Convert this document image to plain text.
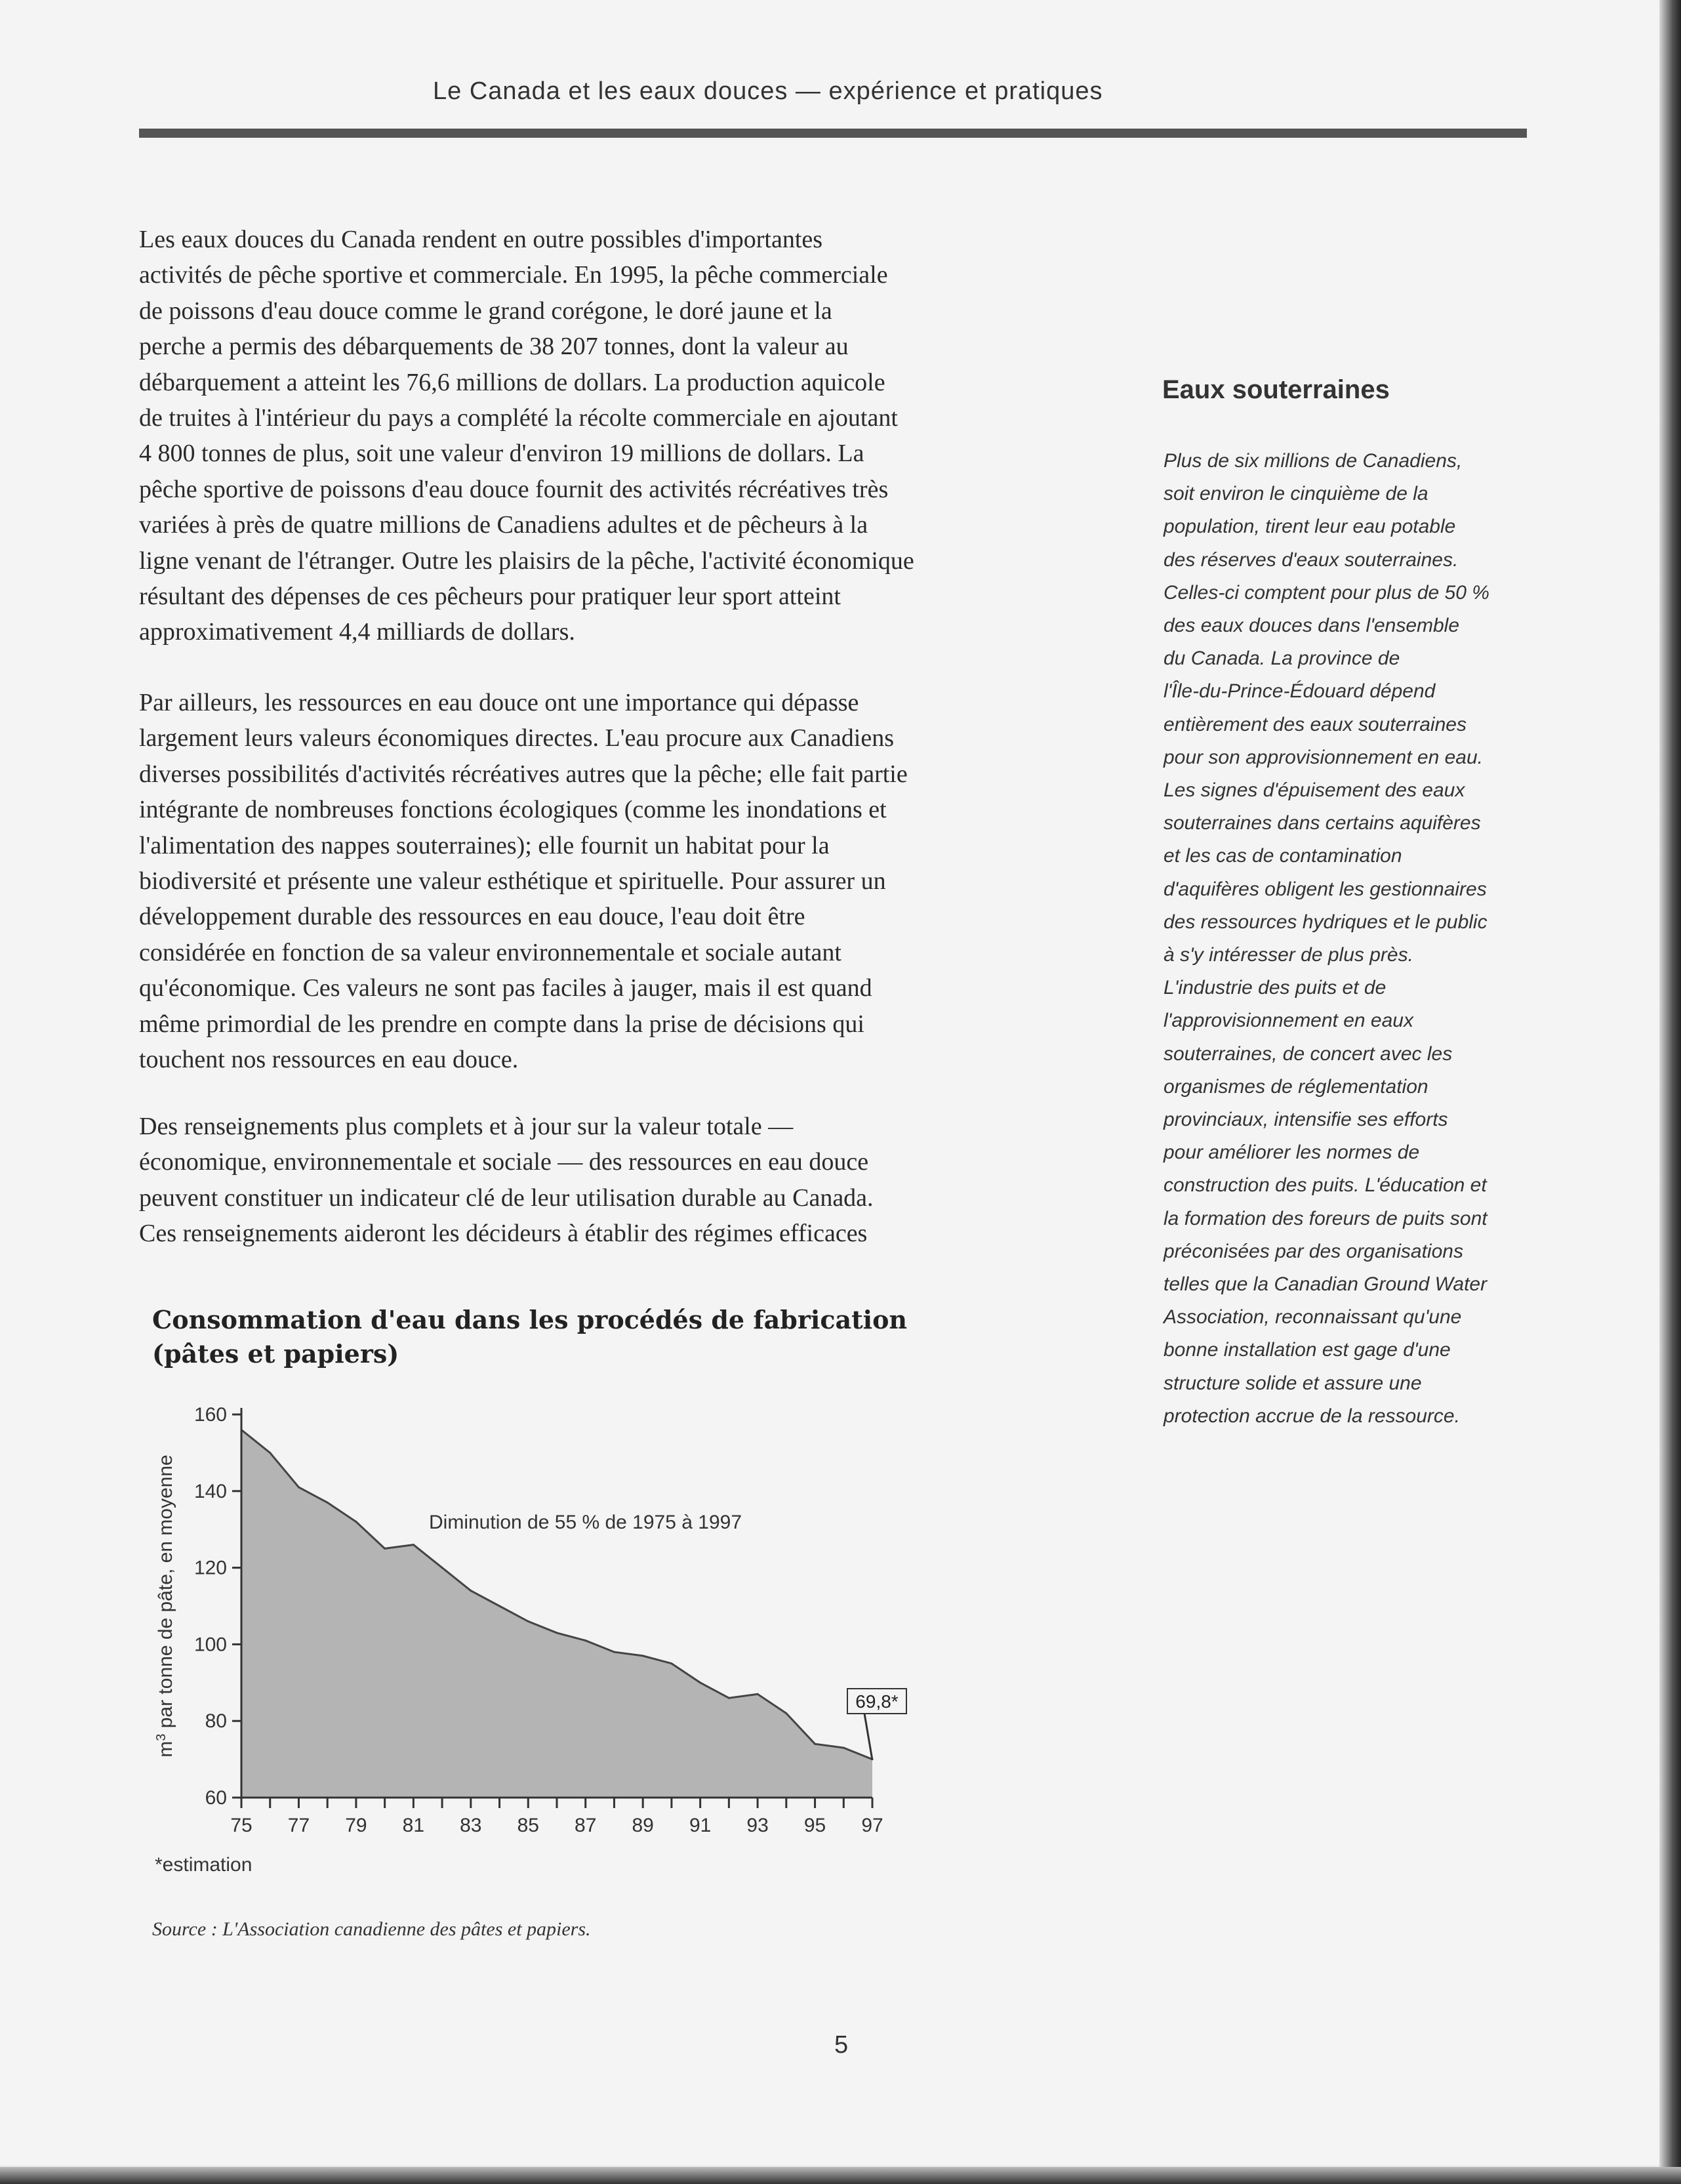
Le Canada et les eaux douces — expérience et pratiques
Les eaux douces du Canada rendent en outre possibles d'importantes
activités de pêche sportive et commerciale. En 1995, la pêche commerciale
de poissons d'eau douce comme le grand corégone, le doré jaune et la
perche a permis des débarquements de 38 207 tonnes, dont la valeur au
débarquement a atteint les 76,6 millions de dollars. La production aquicole
de truites à l'intérieur du pays a complété la récolte commerciale en ajoutant
4 800 tonnes de plus, soit une valeur d'environ 19 millions de dollars. La
pêche sportive de poissons d'eau douce fournit des activités récréatives très
variées à près de quatre millions de Canadiens adultes et de pêcheurs à la
ligne venant de l'étranger. Outre les plaisirs de la pêche, l'activité économique
résultant des dépenses de ces pêcheurs pour pratiquer leur sport atteint
approximativement 4,4 milliards de dollars.
Par ailleurs, les ressources en eau douce ont une importance qui dépasse
largement leurs valeurs économiques directes. L'eau procure aux Canadiens
diverses possibilités d'activités récréatives autres que la pêche; elle fait partie
intégrante de nombreuses fonctions écologiques (comme les inondations et
l'alimentation des nappes souterraines); elle fournit un habitat pour la
biodiversité et présente une valeur esthétique et spirituelle. Pour assurer un
développement durable des ressources en eau douce, l'eau doit être
considérée en fonction de sa valeur environnementale et sociale autant
qu'économique. Ces valeurs ne sont pas faciles à jauger, mais il est quand
même primordial de les prendre en compte dans la prise de décisions qui
touchent nos ressources en eau douce.
Des renseignements plus complets et à jour sur la valeur totale —
économique, environnementale et sociale — des ressources en eau douce
peuvent constituer un indicateur clé de leur utilisation durable au Canada.
Ces renseignements aideront les décideurs à établir des régimes efficaces
Eaux souterraines
Plus de six millions de Canadiens,
soit environ le cinquième de la
population, tirent leur eau potable
des réserves d'eaux souterraines.
Celles-ci comptent pour plus de 50 %
des eaux douces dans l'ensemble
du Canada. La province de
l'Île-du-Prince-Édouard dépend
entièrement des eaux souterraines
pour son approvisionnement en eau.
Les signes d'épuisement des eaux
souterraines dans certains aquifères
et les cas de contamination
d'aquifères obligent les gestionnaires
des ressources hydriques et le public
à s'y intéresser de plus près.
L'industrie des puits et de
l'approvisionnement en eaux
souterraines, de concert avec les
organismes de réglementation
provinciaux, intensifie ses efforts
pour améliorer les normes de
construction des puits. L'éducation et
la formation des foreurs de puits sont
préconisées par des organisations
telles que la Canadian Ground Water
Association, reconnaissant qu'une
bonne installation est gage d'une
structure solide et assure une
protection accrue de la ressource.
Consommation d'eau dans les procédés de fabrication
(pâtes et papiers)
60
80
100
120
140
160
75 77 79 81 83 85 87 89 91 93 95 97
$m^3$ par tonne de pâte, en moyenne	Diminution de 55 % de 1975 à 1997
69,8*
*estimation
Source : L'Association canadienne des pâtes et papiers.
5
